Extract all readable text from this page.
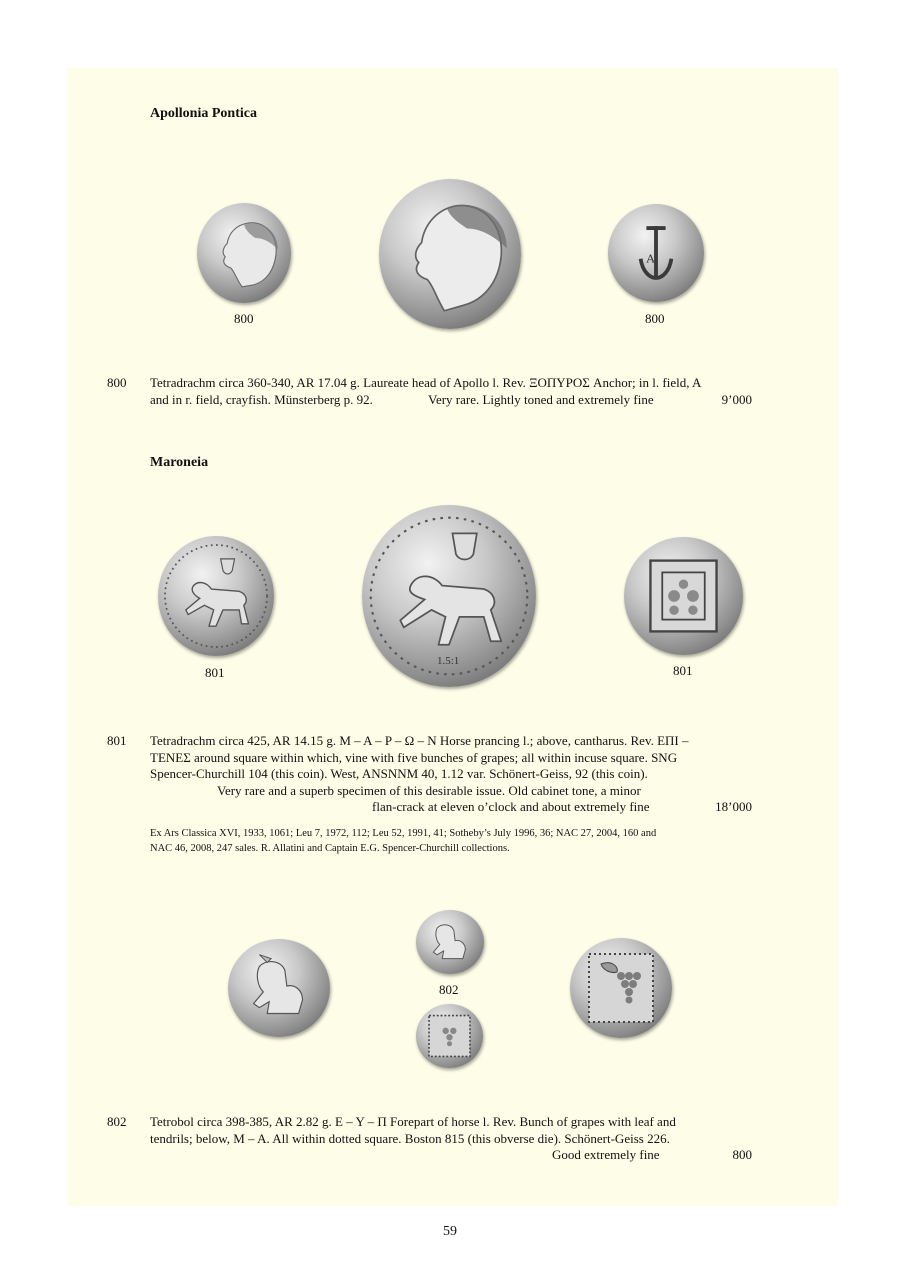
Apollonia Pontica
A
800	800
800 Tetradrachm circa 360-340, AR 17.04 g. Laureate head of Apollo l. Rev. ΞΟΠΥΡΟΣ Anchor; in l. field, A
and in r. field, crayfish. Münsterberg p. 92.	Very rare. Lightly toned and extremely fine	9’000
Maroneia
1.5:1
801	801
801 Tetradrachm circa 425, AR 14.15 g. M – A – P – Ω – N Horse prancing l.; above, cantharus. Rev. ΕΠΙ –
ΤΕΝΕΣ around square within which, vine with five bunches of grapes; all within incuse square. SNG
Spencer-Churchill 104 (this coin). West, ANSNNM 40, 1.12 var. Schönert-Geiss, 92 (this coin).
Very rare and a superb specimen of this desirable issue. Old cabinet tone, a minor
flan-crack at eleven o’clock and about extremely fine	18’000
Ex Ars Classica XVI, 1933, 1061; Leu 7, 1972, 112; Leu 52, 1991, 41; Sotheby’s July 1996, 36; NAC 27, 2004, 160 and
NAC 46, 2008, 247 sales. R. Allatini and Captain E.G. Spencer-Churchill collections.
802
802 Tetrobol circa 398-385, AR 2.82 g. E – Y – Π Forepart of horse l. Rev. Bunch of grapes with leaf and
tendrils; below, M – A. All within dotted square. Boston 815 (this obverse die). Schönert-Geiss 226.
Good extremely fine	800
59
